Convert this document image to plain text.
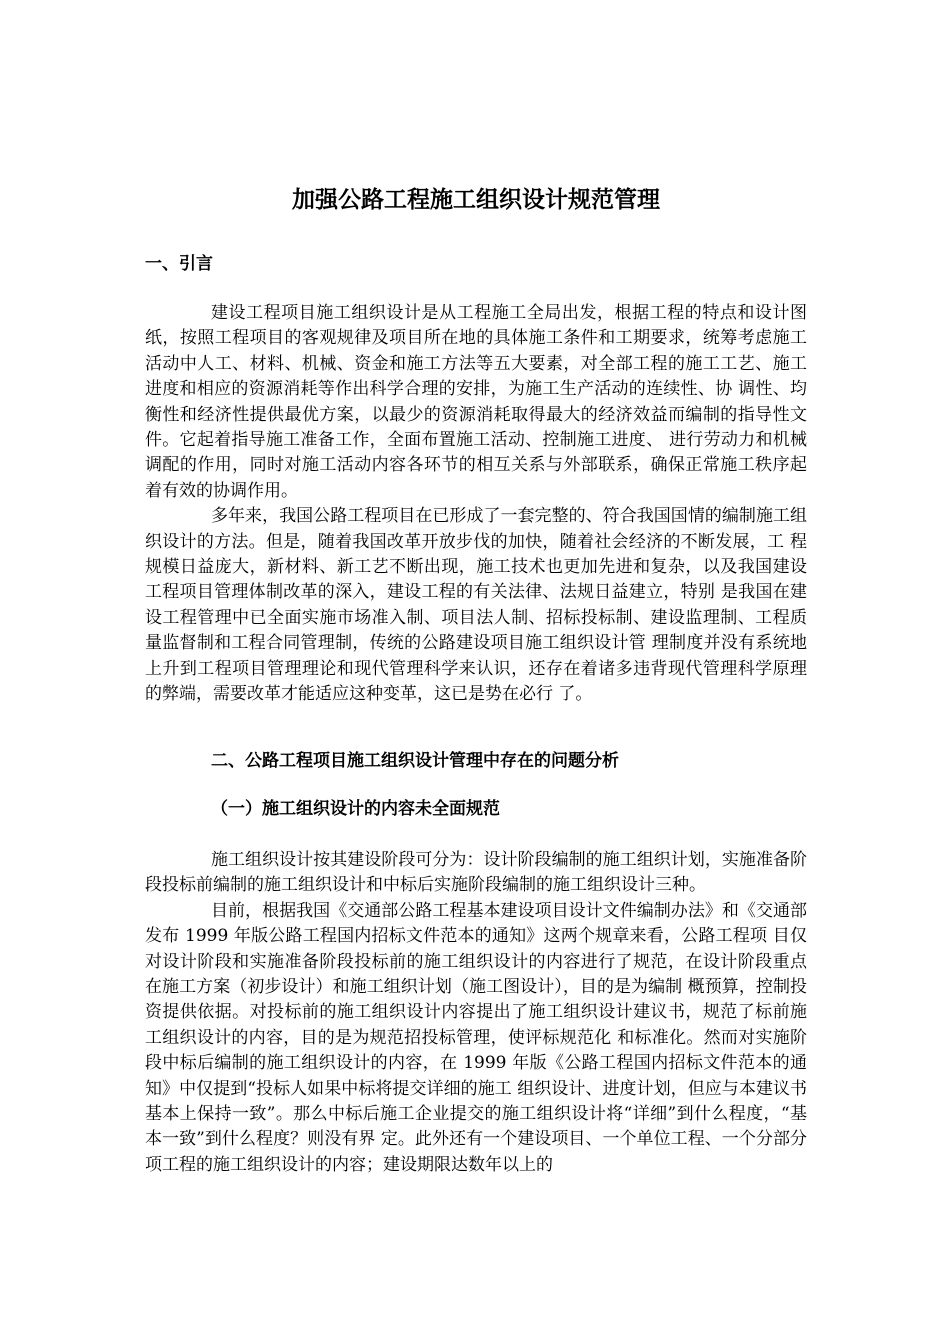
加强公路工程施工组织设计规范管理
一、引言

建设工程项目施工组织设计是从工程施工全局出发，根据工程的特点和设计图纸，按照工程项目的客观规律及项目所在地的具体施工条件和工期要求，统筹考虑施工 活动中人工、材料、机械、资金和施工方法等五大要素，对全部工程的施工工艺、施工进度和相应的资源消耗等作出科学合理的安排，为施工生产活动的连续性、协 调性、均衡性和经济性提供最优方案，以最少的资源消耗取得最大的经济效益而编制的指导性文件。它起着指导施工准备工作，全面布置施工活动、控制施工进度、 进行劳动力和机械调配的作用，同时对施工活动内容各环节的相互关系与外部联系，确保正常施工秩序起着有效的协调作用。

多年来，我国公路工程项目在已形成了一套完整的、符合我国国情的编制施工组织设计的方法。但是，随着我国改革开放步伐的加快，随着社会经济的不断发展，工 程规模日益庞大，新材料、新工艺不断出现，施工技术也更加先进和复杂，以及我国建设工程项目管理体制改革的深入，建设工程的有关法律、法规日益建立，特别 是我国在建设工程管理中已全面实施市场准入制、项目法人制、招标投标制、建设监理制、工程质量监督制和工程合同管理制，传统的公路建设项目施工组织设计管 理制度并没有系统地上升到工程项目管理理论和现代管理科学来认识，还存在着诸多违背现代管理科学原理的弊端，需要改革才能适应这种变革，这已是势在必行 了。

二、公路工程项目施工组织设计管理中存在的问题分析
（一）施工组织设计的内容未全面规范

施工组织设计按其建设阶段可分为：设计阶段编制的施工组织计划，实施准备阶段投标前编制的施工组织设计和中标后实施阶段编制的施工组织设计三种。

目前，根据我国《交通部公路工程基本建设项目设计文件编制办法》和《交通部发布 1999 年版公路工程国内招标文件范本的通知》这两个规章来看，公路工程项 目仅对设计阶段和实施准备阶段投标前的施工组织设计的内容进行了规范，在设计阶段重点在施工方案（初步设计）和施工组织计划（施工图设计），目的是为编制 概预算，控制投资提供依据。对投标前的施工组织设计内容提出了施工组织设计建议书，规范了标前施工组织设计的内容，目的是为规范招投标管理，使评标规范化 和标准化。然而对实施阶段中标后编制的施工组织设计的内容，在 1999 年版《公路工程国内招标文件范本的通知》中仅提到“投标人如果中标将提交详细的施工 组织设计、进度计划，但应与本建议书基本上保持一致”。那么中标后施工企业提交的施工组织设计将“详细”到什么程度，“基本一致”到什么程度？则没有界 定。此外还有一个建设项目、一个单位工程、一个分部分项工程的施工组织设计的内容；建设期限达数年以上的
